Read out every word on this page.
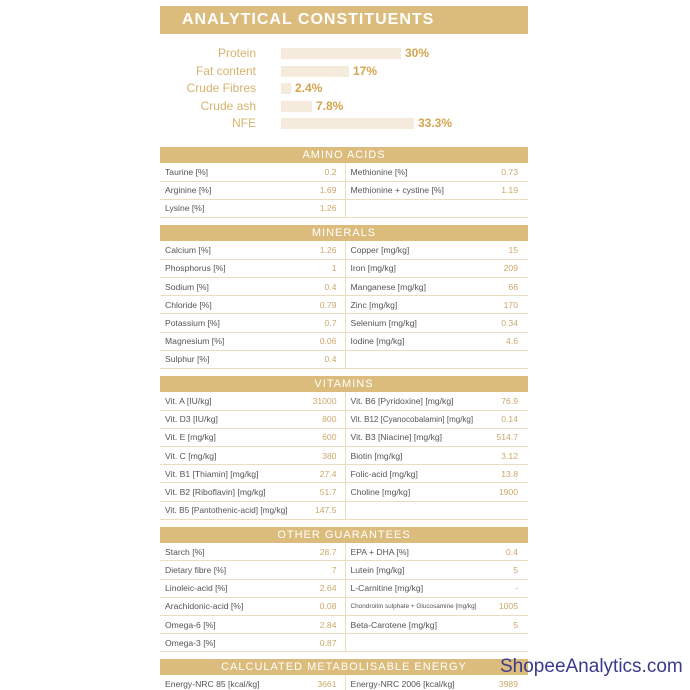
ANALYTICAL CONSTITUENTS
Protein	30%
Fat content	17%
Crude Fibres	2.4%
Crude ash	7.8%
NFE	33.3%
AMINO ACIDS
Taurine [%]	0.2	Methionine [%]	0.73
Arginine [%]	1.69	Methionine + cystine [%]	1.19
Lysine [%]	1.26		
MINERALS
Calcium [%]	1.26	Copper [mg/kg]	15
Phosphorus [%]	1	Iron [mg/kg]	209
Sodium [%]	0.4	Manganese [mg/kg]	66
Chloride [%]	0.79	Zinc [mg/kg]	170
Potassium [%]	0.7	Selenium [mg/kg]	0.34
Magnesium [%]	0.06	Iodine [mg/kg]	4.6
Sulphur [%]	0.4		
VITAMINS
Vit. A [IU/kg]	31000	Vit. B6 [Pyridoxine] [mg/kg]	76.9
Vit. D3 [IU/kg]	800	Vit. B12 [Cyanocobalamin] [mg/kg]	0.14
Vit. E [mg/kg]	600	Vit. B3 [Niacine] [mg/kg]	514.7
Vit. C [mg/kg]	380	Biotin [mg/kg]	3.12
Vit. B1 [Thiamin] [mg/kg]	27.4	Folic-acid [mg/kg]	13.8
Vit. B2 [Riboflavin] [mg/kg]	51.7	Choline [mg/kg]	1900
Vit. B5 [Pantothenic-acid] [mg/kg]	147.5		
OTHER GUARANTEES
Starch [%]	28.7	EPA + DHA [%]	0.4
Dietary fibre [%]	7	Lutein [mg/kg]	5
Linoleic-acid [%]	2.64	L-Carnitine [mg/kg]	-
Arachidonic-acid [%]	0.08	Chondroitin sulphate + Glucosamine [mg/kg]	1005
Omega-6 [%]	2.84	Beta-Carotene [mg/kg]	5
Omega-3 [%]	0.87		
CALCULATED METABOLISABLE ENERGY
Energy-NRC 85 [kcal/kg]	3661	Energy-NRC 2006 [kcal/kg]	3989
ShopeeAnalytics.com
